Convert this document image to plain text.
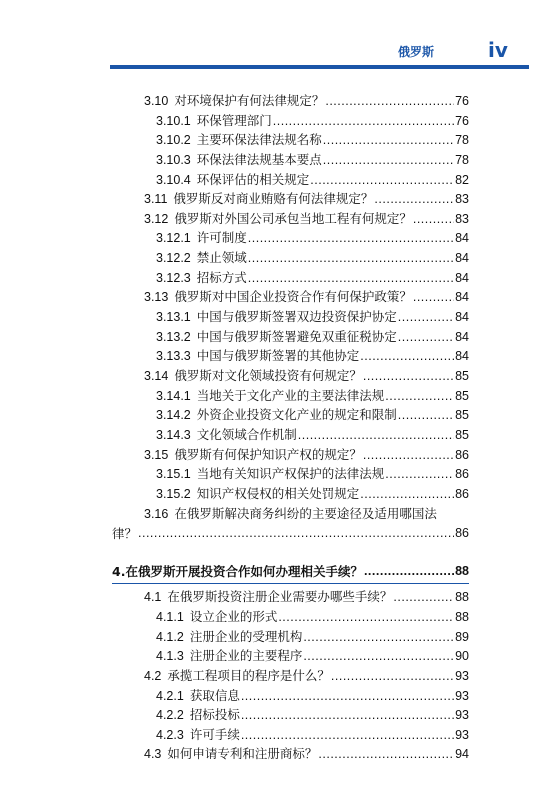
俄罗斯	iv
3.10 对环境保护有何法律规定？ .....	76
3.10.1 环保管理部门 .....	76
3.10.2 主要环保法律法规名称 .....	78
3.10.3 环保法律法规基本要点 .....	78
3.10.4 环保评估的相关规定 .....	82
3.11 俄罗斯反对商业贿赂有何法律规定？ .....	83
3.12 俄罗斯对外国公司承包当地工程有何规定？ .....	83
3.12.1 许可制度 .....	84
3.12.2 禁止领域 .....	84
3.12.3 招标方式 .....	84
3.13 俄罗斯对中国企业投资合作有何保护政策？ .....	84
3.13.1 中国与俄罗斯签署双边投资保护协定 .....	84
3.13.2 中国与俄罗斯签署避免双重征税协定 .....	84
3.13.3 中国与俄罗斯签署的其他协定 .....	84
3.14 俄罗斯对文化领域投资有何规定？ .....	85
3.14.1 当地关于文化产业的主要法律法规 .....	85
3.14.2 外资企业投资文化产业的规定和限制 .....	85
3.14.3 文化领域合作机制 .....	85
3.15 俄罗斯有何保护知识产权的规定？ .....	86
3.15.1 当地有关知识产权保护的法律法规 .....	86
3.15.2 知识产权侵权的相关处罚规定 .....	86
3.16 在俄罗斯解决商务纠纷的主要途径及适用哪国法
律？ .....	86
4.在俄罗斯开展投资合作如何办理相关手续？ .....	88
4.1 在俄罗斯投资注册企业需要办哪些手续？ .....	88
4.1.1 设立企业的形式 .....	88
4.1.2 注册企业的受理机构 .....	89
4.1.3 注册企业的主要程序 .....	90
4.2 承揽工程项目的程序是什么？ .....	93
4.2.1 获取信息 .....	93
4.2.2 招标投标 .....	93
4.2.3 许可手续 .....	93
4.3 如何申请专利和注册商标？ .....	94
